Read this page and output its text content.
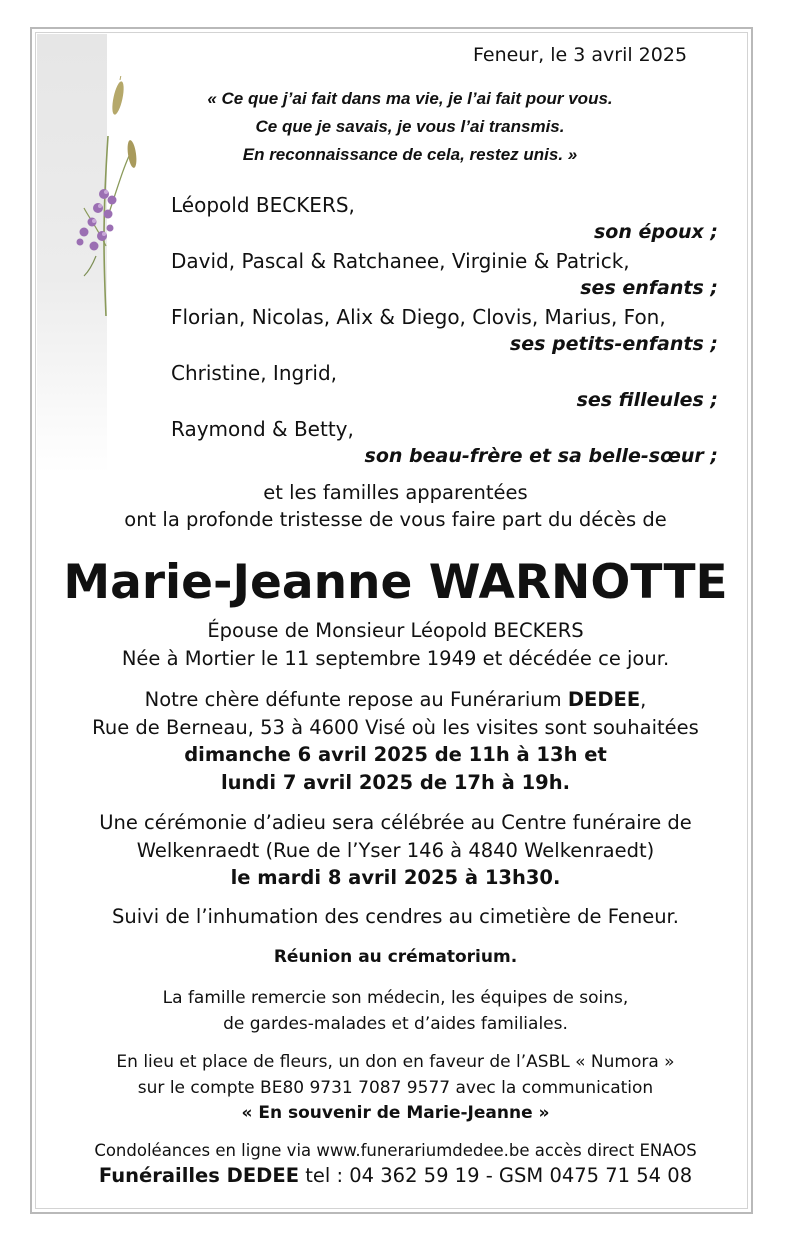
Feneur, le 3 avril 2025
« Ce que j’ai fait dans ma vie, je l’ai fait pour vous.
Ce que je savais, je vous l’ai transmis.
En reconnaissance de cela, restez unis. »
Léopold BECKERS,
son époux ;
David, Pascal & Ratchanee, Virginie & Patrick,
ses enfants ;
Florian, Nicolas, Alix & Diego, Clovis, Marius, Fon,
ses petits-enfants ;
Christine, Ingrid,
ses filleules ;
Raymond & Betty,
son beau-frère et sa belle-sœur ;
et les familles apparentées
ont la profonde tristesse de vous faire part du décès de
Marie-Jeanne WARNOTTE
Épouse de Monsieur Léopold BECKERS
Née à Mortier le 11 septembre 1949 et décédée ce jour.
Notre chère défunte repose au Funérarium DEDEE,
Rue de Berneau, 53 à 4600 Visé où les visites sont souhaitées
dimanche 6 avril 2025 de 11h à 13h et
lundi 7 avril 2025 de 17h à 19h.
Une cérémonie d’adieu sera célébrée au Centre funéraire de
Welkenraedt (Rue de l’Yser 146 à 4840 Welkenraedt)
le mardi 8 avril 2025 à 13h30.
Suivi de l’inhumation des cendres au cimetière de Feneur.
Réunion au crématorium.
La famille remercie son médecin, les équipes de soins,
de gardes-malades et d’aides familiales.
En lieu et place de fleurs, un don en faveur de l’ASBL « Numora »
sur le compte BE80 9731 7087 9577 avec la communication
« En souvenir de Marie-Jeanne »
Condoléances en ligne via www.funerariumdedee.be accès direct ENAOS
Funérailles DEDEE tel : 04 362 59 19 - GSM 0475 71 54 08
